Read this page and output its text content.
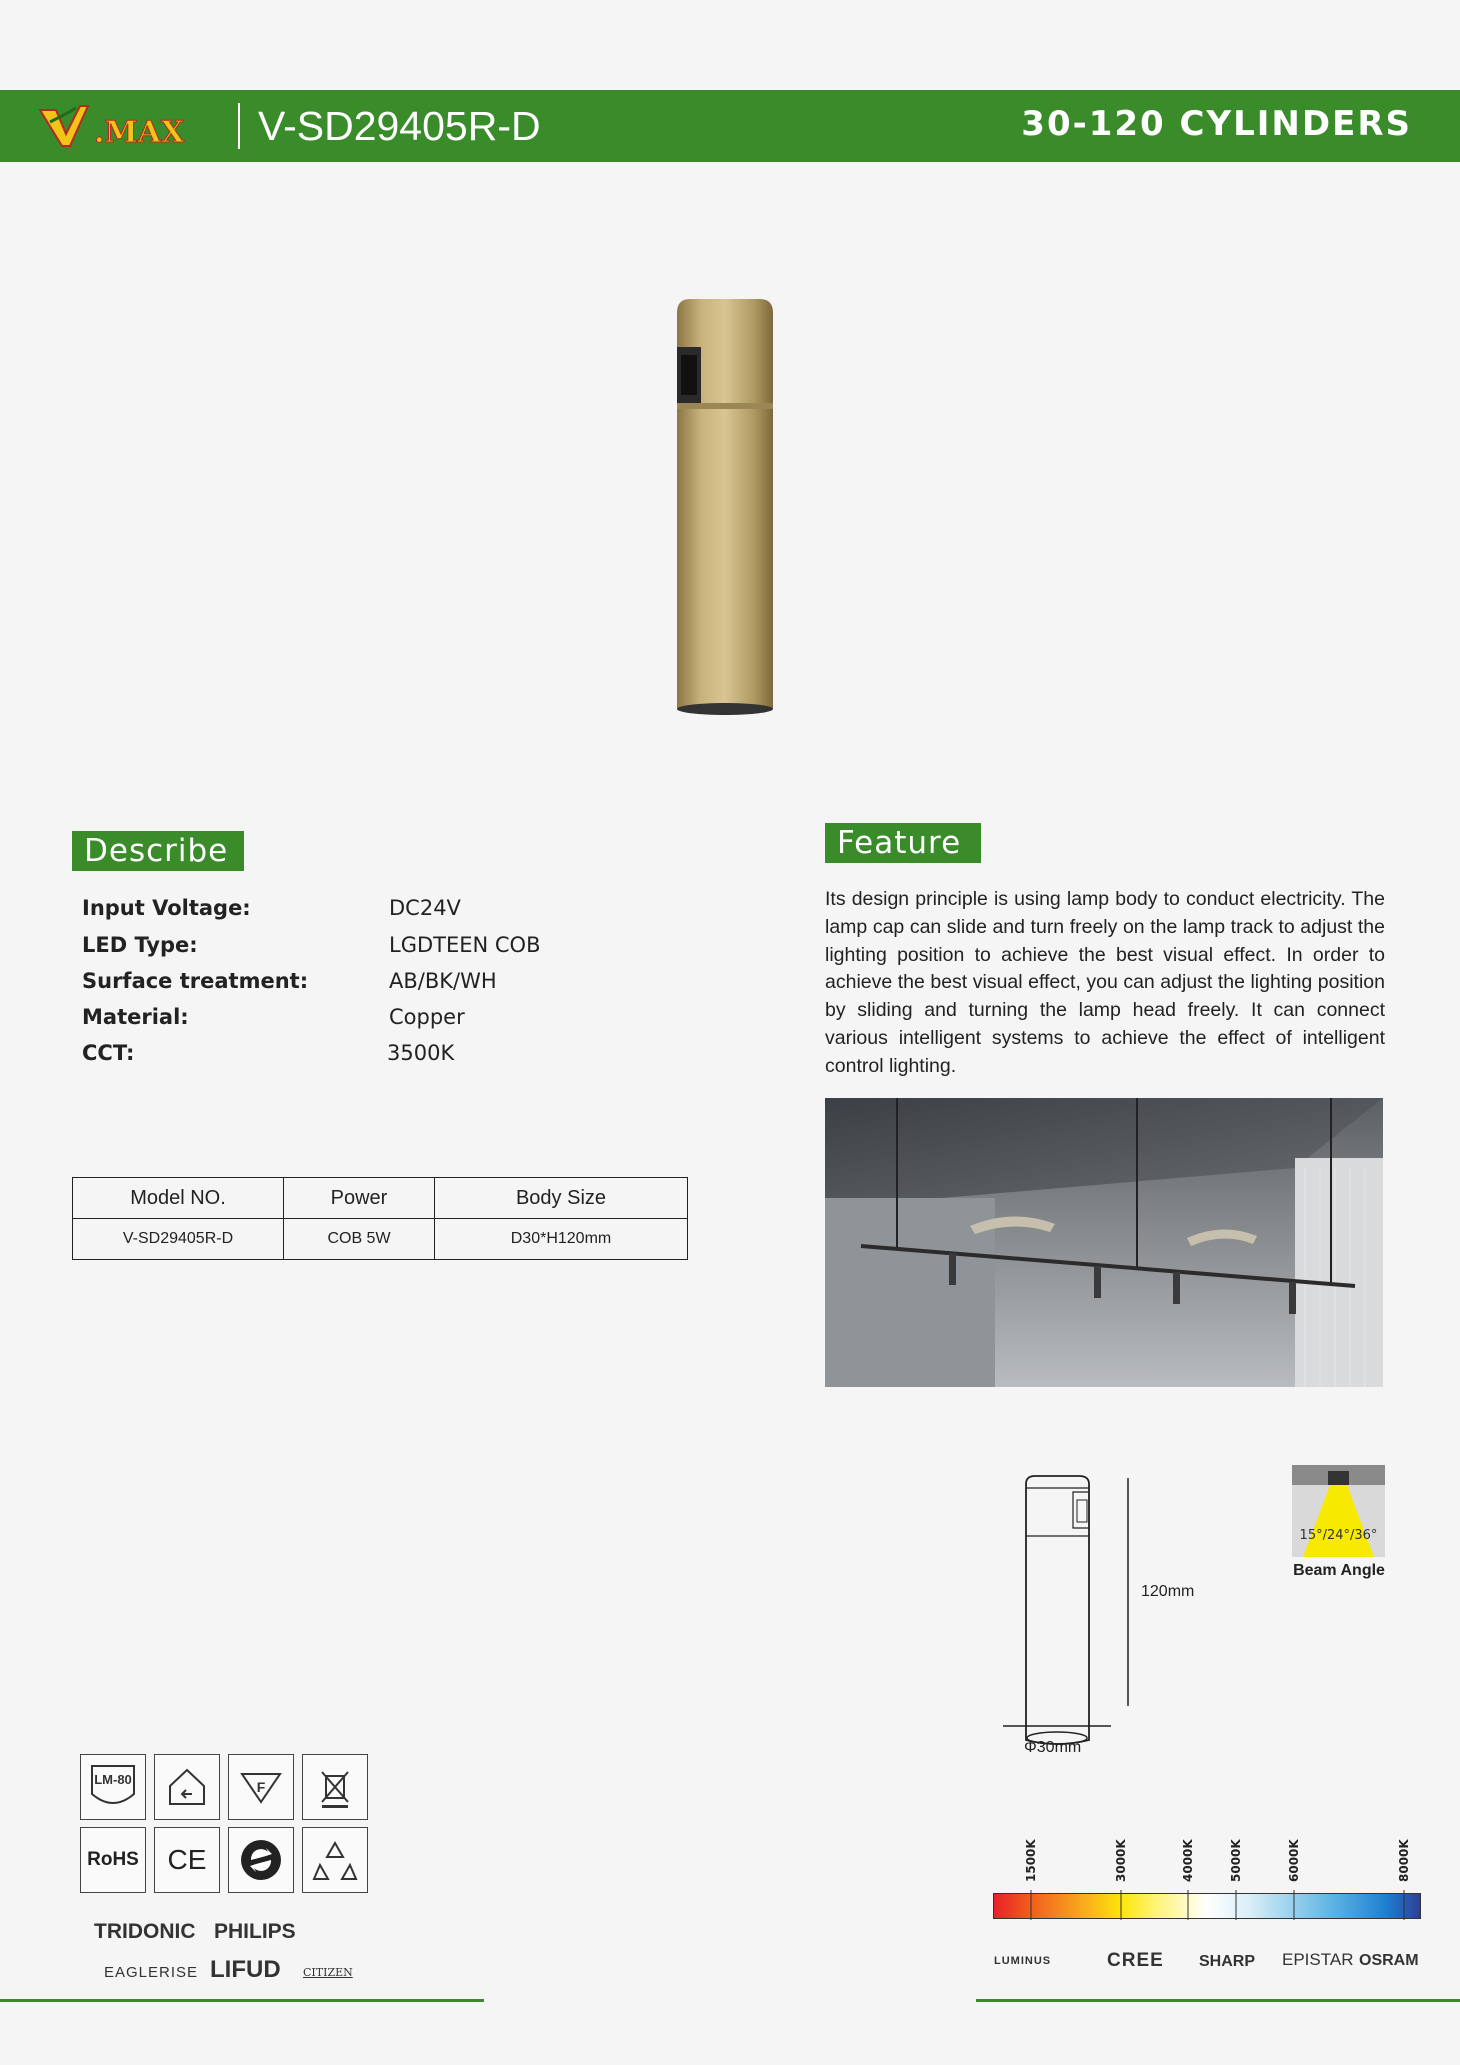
.MAX V-SD29405R-D	30-120 CYLINDERS
Describe
Input Voltage:	DC24V
LED Type:	LGDTEEN COB
Surface treatment:	AB/BK/WH
Material:	Copper
CCT:	3500K
Feature
Its design principle is using lamp body to conduct electricity. The lamp cap can slide and turn freely on the lamp track to adjust the lighting position to achieve the best visual effect. In order to achieve the best visual effect, you can adjust the lighting position by sliding and turning the lamp head freely. It can connect various intelligent systems to achieve the effect of intelligent control lighting.
Model NO.	Power	Body Size
V-SD29405R-D	COB 5W	D30*H120mm
120mm
Φ30mm
15°/24°/36°
Beam Angle
LM-80	F
RoHS CE
TRIDONIC PHILIPS
EAGLERISE LIFUD CITIZEN
1500K	3000K	4000K	5000K	6000K	8000K
LUMINUS	CREE SHARP EPISTAR OSRAM
